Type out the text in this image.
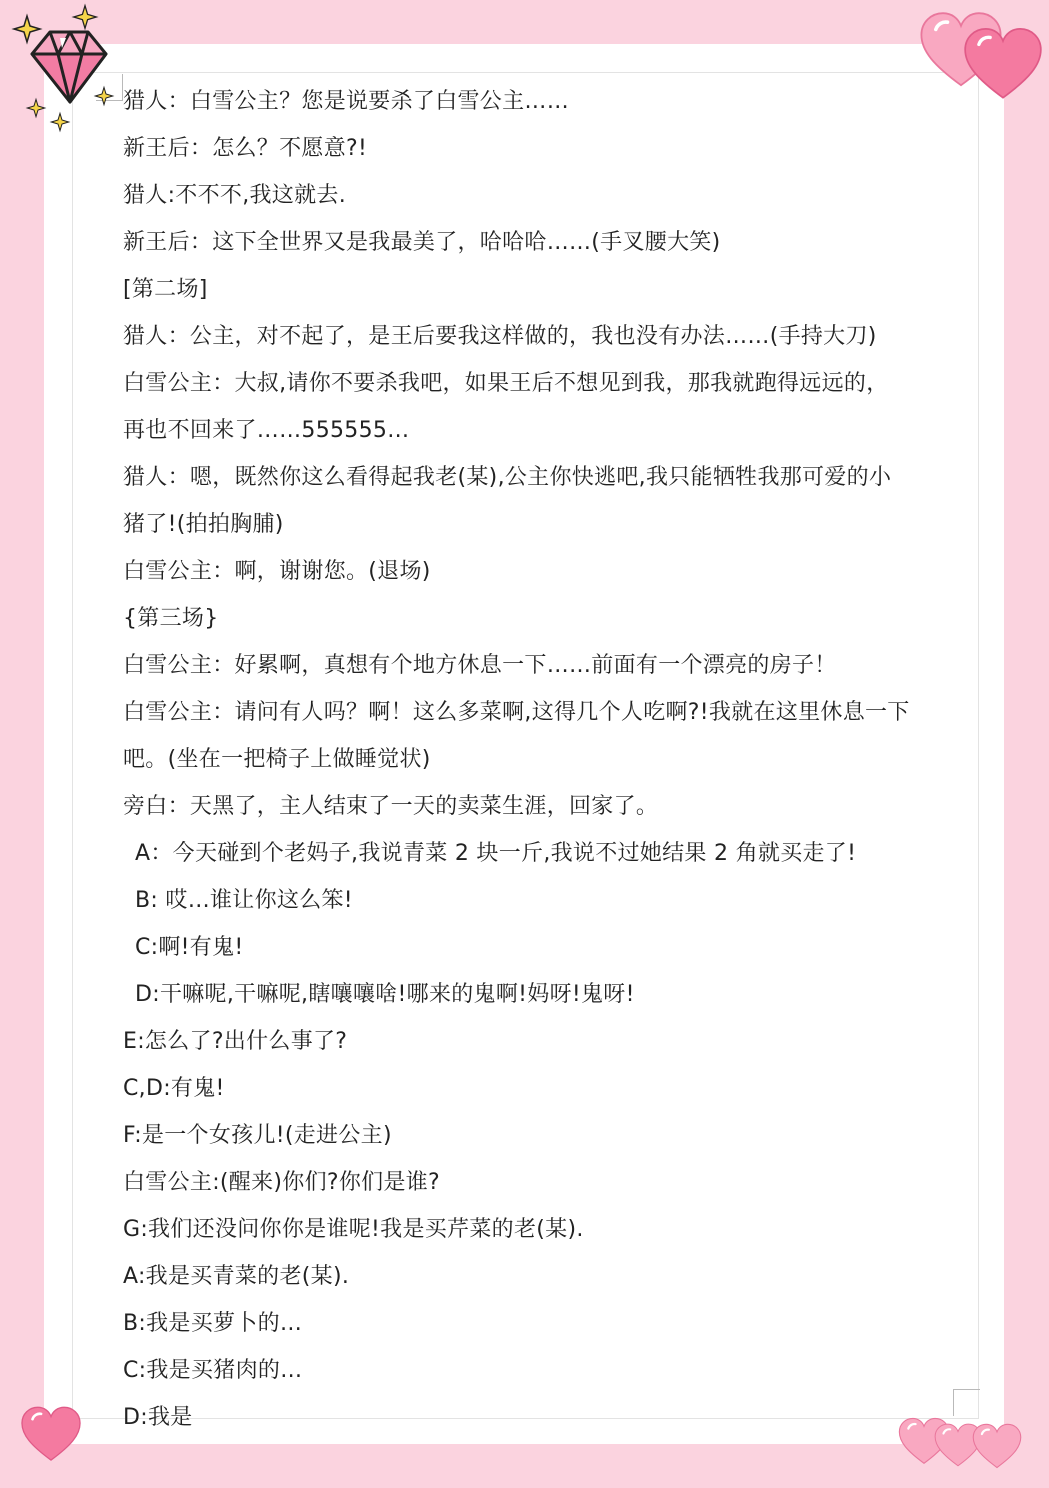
猎人：白雪公主？您是说要杀了白雪公主……
新王后：怎么？不愿意?!
猎人:不不不,我这就去.
新王后：这下全世界又是我最美了，哈哈哈……(手叉腰大笑)
[第二场]
猎人：公主，对不起了，是王后要我这样做的，我也没有办法……(手持大刀)
白雪公主：大叔,请你不要杀我吧，如果王后不想见到我，那我就跑得远远的，
再也不回来了……555555…
猎人：嗯，既然你这么看得起我老(某),公主你快逃吧,我只能牺牲我那可爱的小
猪了!(拍拍胸脯)
白雪公主：啊，谢谢您。(退场)
{第三场}
白雪公主：好累啊，真想有个地方休息一下……前面有一个漂亮的房子！
白雪公主：请问有人吗？啊！这么多菜啊,这得几个人吃啊?!我就在这里休息一下
吧。(坐在一把椅子上做睡觉状)
旁白：天黑了，主人结束了一天的卖菜生涯，回家了。
A：今天碰到个老妈子,我说青菜 2 块一斤,我说不过她结果 2 角就买走了!
B: 哎…谁让你这么笨!
C:啊!有鬼!
D:干嘛呢,干嘛呢,瞎嚷嚷啥!哪来的鬼啊!妈呀!鬼呀!
E:怎么了?出什么事了?
C,D:有鬼!
F:是一个女孩儿!(走进公主)
白雪公主:(醒来)你们?你们是谁?
G:我们还没问你你是谁呢!我是买芹菜的老(某).
A:我是买青菜的老(某).
B:我是买萝卜的…
C:我是买猪肉的…
D:我是
